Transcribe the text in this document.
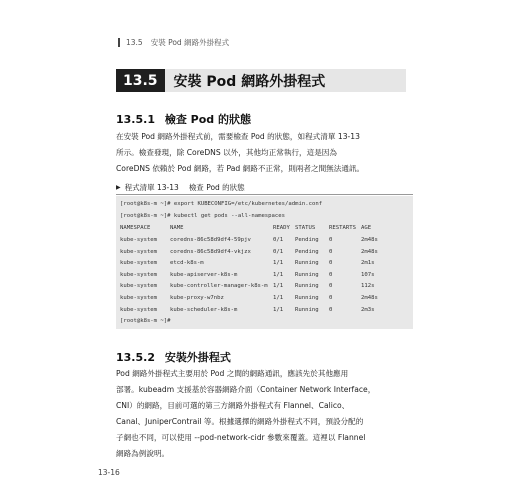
13.5 安裝 Pod 網路外掛程式
13.5	安裝 Pod 網路外掛程式
13.5.1 檢查 Pod 的狀態
在安裝 Pod 網路外掛程式前，需要檢查 Pod 的狀態，如程式清單 13-13
所示。檢查發現，除 CoreDNS 以外，其他均正常執行，這是因為
CoreDNS 依賴於 Pod 網路，若 Pad 網路不正常，則兩者之間無法通訊。
▶ 程式清單 13-13 檢查 Pod 的狀態
[root@k8s-m ~]# export KUBECONFIG=/etc/kubernetes/admin.conf
[root@k8s-m ~]# kubectl get pods --all-namespaces
NAMESPACE	NAME	READY STATUS RESTARTS AGE
kube-system coredns-86c58d9df4-59pjv	0/1 Pending 0	2m48s
kube-system coredns-86c58d9df4-vkjzx	0/1 Pending 0	2m48s
kube-system etcd-k8s-m	1/1 Running 0	2m1s
kube-system kube-apiserver-k8s-m	1/1 Running 0	107s
kube-system kube-controller-manager-k8s-m 1/1 Running 0	112s
kube-system kube-proxy-w7nbz	1/1 Running 0	2m48s
kube-system kube-scheduler-k8s-m	1/1 Running 0	2m3s
[root@k8s-m ~]#
13.5.2 安裝外掛程式
Pod 網路外掛程式主要用於 Pod 之間的網路通訊，應該先於其他應用
部署。kubeadm 支援基於容器網路介面（Container Network Interface，
CNI）的網路，目前可選的第三方網路外掛程式有 Flannel、Calico、
Canal、JuniperContrail 等。根據選擇的網路外掛程式不同，預設分配的
子網也不同，可以使用 --pod-network-cidr 參數來覆蓋。這裡以 Flannel
網路為例說明。
13-16
